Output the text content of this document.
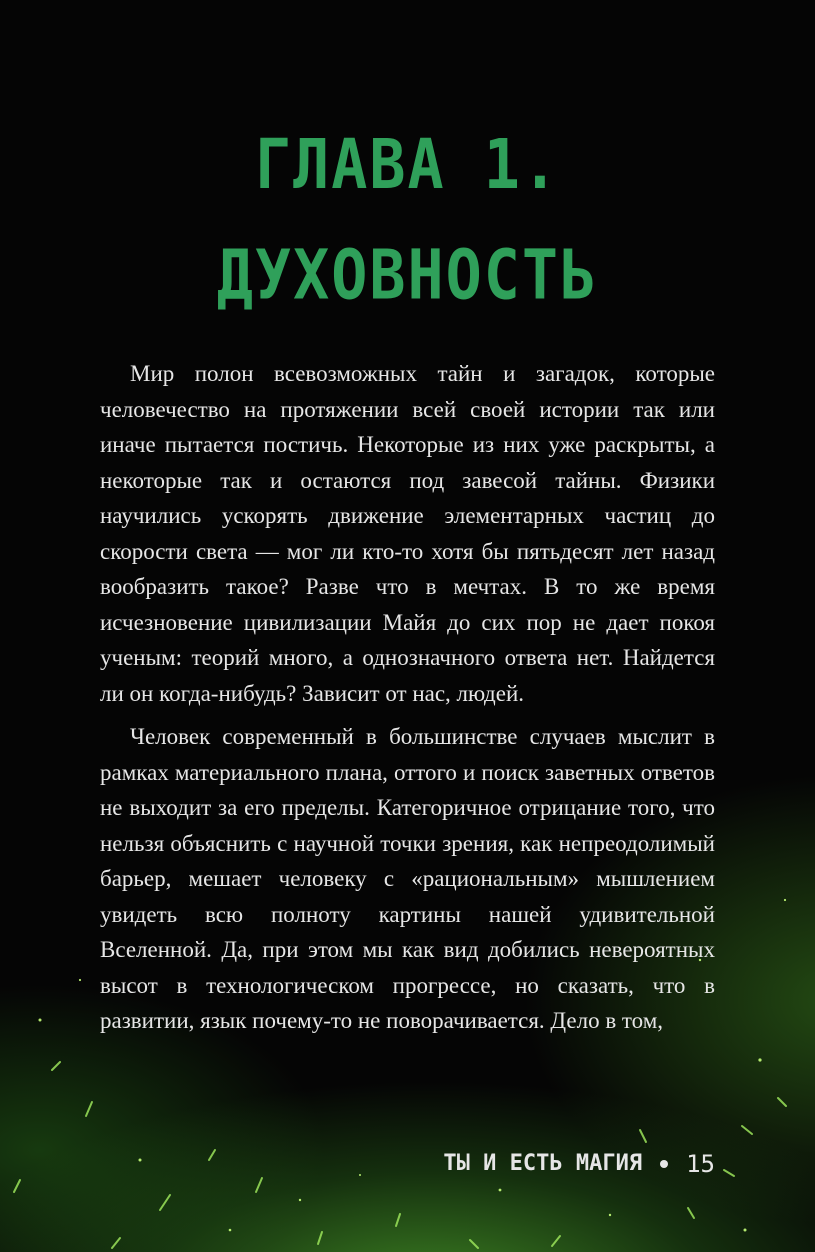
ГЛАВА 1.
ДУХОВНОСТЬ

Мир полон всевозможных тайн и загадок, которые человечество на протяжении всей своей истории так или иначе пытается постичь. Некоторые из них уже раскрыты, а некоторые так и остаются под завесой тайны. Физики научились ускорять движение элементарных частиц до скорости света — мог ли кто-то хотя бы пятьдесят лет назад вообразить такое? Разве что в мечтах. В то же время исчезновение цивилизации Майя до сих пор не дает покоя ученым: теорий много, а однозначного ответа нет. Найдется ли он когда-нибудь? Зависит от нас, людей.

Человек современный в большинстве случаев мыслит в рамках материального плана, оттого и поиск заветных ответов не выходит за его пределы. Категоричное отрицание того, что нельзя объяснить с научной точки зрения, как непреодолимый барьер, мешает человеку с «рациональным» мышлением увидеть всю полноту картины нашей удивительной Вселенной. Да, при этом мы как вид добились невероятных высот в технологическом прогрессе, но сказать, что в развитии, язык почему-то не поворачивается. Дело в том,

ТЫ И ЕСТЬ МАГИЯ 15
